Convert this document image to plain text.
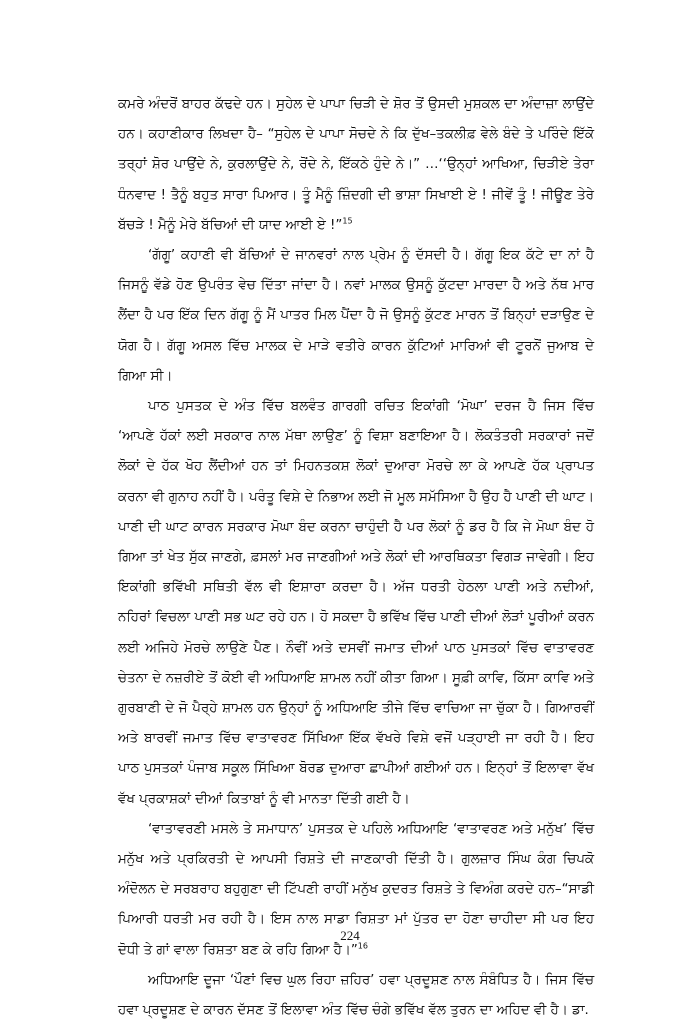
ਕਮਰੇ ਅੰਦਰੋਂ ਬਾਹਰ ਕੱਢਦੇ ਹਨ। ਸੁਹੇਲ ਦੇ ਪਾਪਾ ਚਿੜੀ ਦੇ ਸ਼ੋਰ ਤੋਂ ਉਸਦੀ ਮੁਸ਼ਕਲ ਦਾ ਅੰਦਾਜ਼ਾ ਲਾਉਂਦੇ ਹਨ। ਕਹਾਣੀਕਾਰ ਲਿਖਦਾ ਹੈ– “ਸੁਹੇਲ ਦੇ ਪਾਪਾ ਸੋਚਦੇ ਨੇ ਕਿ ਦੁੱਖ–ਤਕਲੀਫ਼ ਵੇਲੇ ਬੰਦੇ ਤੇ ਪਰਿੰਦੇ ਇੱਕੋ ਤਰ੍ਹਾਂ ਸ਼ੋਰ ਪਾਉਂਦੇ ਨੇ, ਕੁਰਲਾਉਂਦੇ ਨੇ, ਰੋਂਦੇ ਨੇ, ਇੱਕਠੇ ਹੁੰਦੇ ਨੇ।” …‘‘ਉਨ੍ਹਾਂ ਆਖਿਆ, ਚਿੜੀਏ ਤੇਰਾ ਧੰਨਵਾਦ ! ਤੈਨੂੰ ਬਹੁਤ ਸਾਰਾ ਪਿਆਰ। ਤੂੰ ਮੈਨੂੰ ਜ਼ਿੰਦਗੀ ਦੀ ਭਾਸ਼ਾ ਸਿਖਾਈ ਏ ! ਜੀਵੇਂ ਤੂੰ ! ਜੀਊਣ ਤੇਰੇ ਬੱਚੜੇ ! ਮੈਨੂੰ ਮੇਰੇ ਬੱਚਿਆਂ ਦੀ ਯਾਦ ਆਈ ਏ !”$^{15}$

‘ਗੱਗੂ’ ਕਹਾਣੀ ਵੀ ਬੱਚਿਆਂ ਦੇ ਜਾਨਵਰਾਂ ਨਾਲ ਪ੍ਰੇਮ ਨੂੰ ਦੱਸਦੀ ਹੈ। ਗੱਗੂ ਇਕ ਕੱਟੇ ਦਾ ਨਾਂ ਹੈ ਜਿਸਨੂੰ ਵੱਡੇ ਹੋਣ ਉਪਰੰਤ ਵੇਚ ਦਿੱਤਾ ਜਾਂਦਾ ਹੈ। ਨਵਾਂ ਮਾਲਕ ਉਸਨੂੰ ਕੁੱਟਦਾ ਮਾਰਦਾ ਹੈ ਅਤੇ ਨੱਥ ਮਾਰ ਲੈਂਦਾ ਹੈ ਪਰ ਇੱਕ ਦਿਨ ਗੱਗੂ ਨੂੰ ਮੈਂ ਪਾਤਰ ਮਿਲ ਪੈਂਦਾ ਹੈ ਜੋ ਉਸਨੂੰ ਕੁੱਟਣ ਮਾਰਨ ਤੋਂ ਬਿਨ੍ਹਾਂ ਦੜਾਉਣ ਦੇ ਯੋਗ ਹੈ। ਗੱਗੂ ਅਸਲ ਵਿੱਚ ਮਾਲਕ ਦੇ ਮਾੜੇ ਵਤੀਰੇ ਕਾਰਨ ਕੁੱਟਿਆਂ ਮਾਰਿਆਂ ਵੀ ਟੂਰਨੋਂ ਜੁਆਬ ਦੇ ਗਿਆ ਸੀ।

ਪਾਠ ਪੁਸਤਕ ਦੇ ਅੰਤ ਵਿੱਚ ਬਲਵੰਤ ਗਾਰਗੀ ਰਚਿਤ ਇਕਾਂਗੀ ‘ਮੋਘਾ’ ਦਰਜ ਹੈ ਜਿਸ ਵਿੱਚ ‘ਆਪਣੇ ਹੱਕਾਂ ਲਈ ਸਰਕਾਰ ਨਾਲ ਮੱਥਾ ਲਾਉਣ’ ਨੂੰ ਵਿਸ਼ਾ ਬਣਾਇਆ ਹੈ। ਲੋਕਤੰਤਰੀ ਸਰਕਾਰਾਂ ਜਦੋਂ ਲੋਕਾਂ ਦੇ ਹੱਕ ਖੋਹ ਲੈਂਦੀਆਂ ਹਨ ਤਾਂ ਮਿਹਨਤਕਸ਼ ਲੋਕਾਂ ਦੁਆਰਾ ਮੋਰਚੇ ਲਾ ਕੇ ਆਪਣੇ ਹੱਕ ਪ੍ਰਾਪਤ ਕਰਨਾ ਵੀ ਗੁਨਾਹ ਨਹੀਂ ਹੈ। ਪਰੰਤੂ ਵਿਸ਼ੇ ਦੇ ਨਿਭਾਅ ਲਈ ਜੋ ਮੂਲ ਸਮੱਸਿਆ ਹੈ ਉਹ ਹੈ ਪਾਣੀ ਦੀ ਘਾਟ। ਪਾਣੀ ਦੀ ਘਾਟ ਕਾਰਨ ਸਰਕਾਰ ਮੋਘਾ ਬੰਦ ਕਰਨਾ ਚਾਹੁੰਦੀ ਹੈ ਪਰ ਲੋਕਾਂ ਨੂੰ ਡਰ ਹੈ ਕਿ ਜੇ ਮੋਘਾ ਬੰਦ ਹੋ ਗਿਆ ਤਾਂ ਖੇਤ ਸੁੱਕ ਜਾਣਗੇ, ਫ਼ਸਲਾਂ ਮਰ ਜਾਣਗੀਆਂ ਅਤੇ ਲੋਕਾਂ ਦੀ ਆਰਥਿਕਤਾ ਵਿਗੜ ਜਾਵੇਗੀ। ਇਹ ਇਕਾਂਗੀ ਭਵਿੱਖੀ ਸਥਿਤੀ ਵੱਲ ਵੀ ਇਸ਼ਾਰਾ ਕਰਦਾ ਹੈ। ਅੱਜ ਧਰਤੀ ਹੇਠਲਾ ਪਾਣੀ ਅਤੇ ਨਦੀਆਂ, ਨਹਿਰਾਂ ਵਿਚਲਾ ਪਾਣੀ ਸਭ ਘਟ ਰਹੇ ਹਨ। ਹੋ ਸਕਦਾ ਹੈ ਭਵਿੱਖ ਵਿੱਚ ਪਾਣੀ ਦੀਆਂ ਲੋੜਾਂ ਪੂਰੀਆਂ ਕਰਨ ਲਈ ਅਜਿਹੇ ਮੋਰਚੇ ਲਾਉਣੇ ਪੈਣ। ਨੌਵੀਂ ਅਤੇ ਦਸਵੀਂ ਜਮਾਤ ਦੀਆਂ ਪਾਠ ਪੁਸਤਕਾਂ ਵਿੱਚ ਵਾਤਾਵਰਣ ਚੇਤਨਾ ਦੇ ਨਜ਼ਰੀਏ ਤੋਂ ਕੋਈ ਵੀ ਅਧਿਆਇ ਸ਼ਾਮਲ ਨਹੀਂ ਕੀਤਾ ਗਿਆ। ਸੂਫ਼ੀ ਕਾਵਿ, ਕਿੱਸਾ ਕਾਵਿ ਅਤੇ ਗੁਰਬਾਣੀ ਦੇ ਜੋ ਪੈਰ੍ਹੇ ਸ਼ਾਮਲ ਹਨ ਉਨ੍ਹਾਂ ਨੂੰ ਅਧਿਆਇ ਤੀਜੇ ਵਿੱਚ ਵਾਚਿਆ ਜਾ ਚੁੱਕਾ ਹੈ। ਗਿਆਰਵੀਂ ਅਤੇ ਬਾਰਵੀਂ ਜਮਾਤ ਵਿੱਚ ਵਾਤਾਵਰਣ ਸਿੱਖਿਆ ਇੱਕ ਵੱਖਰੇ ਵਿਸ਼ੇ ਵਜੋਂ ਪੜ੍ਹਾਈ ਜਾ ਰਹੀ ਹੈ। ਇਹ ਪਾਠ ਪੁਸਤਕਾਂ ਪੰਜਾਬ ਸਕੂਲ ਸਿੱਖਿਆ ਬੋਰਡ ਦੁਆਰਾ ਛਾਪੀਆਂ ਗਈਆਂ ਹਨ। ਇਨ੍ਹਾਂ ਤੋਂ ਇਲਾਵਾ ਵੱਖ ਵੱਖ ਪ੍ਰਕਾਸ਼ਕਾਂ ਦੀਆਂ ਕਿਤਾਬਾਂ ਨੂੰ ਵੀ ਮਾਨਤਾ ਦਿੱਤੀ ਗਈ ਹੈ।

‘ਵਾਤਾਵਰਣੀ ਮਸਲੇ ਤੇ ਸਮਾਧਾਨ’ ਪੁਸਤਕ ਦੇ ਪਹਿਲੇ ਅਧਿਆਇ ‘ਵਾਤਾਵਰਣ ਅਤੇ ਮਨੁੱਖ’ ਵਿੱਚ ਮਨੁੱਖ ਅਤੇ ਪ੍ਰਕਿਰਤੀ ਦੇ ਆਪਸੀ ਰਿਸ਼ਤੇ ਦੀ ਜਾਣਕਾਰੀ ਦਿੱਤੀ ਹੈ। ਗੁਲਜ਼ਾਰ ਸਿੰਘ ਕੰਗ ਚਿਪਕੋ ਅੰਦੋਲਨ ਦੇ ਸਰਬਰਾਹ ਬਹੁਗੁਣਾ ਦੀ ਟਿੱਪਣੀ ਰਾਹੀਂ ਮਨੁੱਖ ਕੁਦਰਤ ਰਿਸ਼ਤੇ ਤੇ ਵਿਅੰਗ ਕਰਦੇ ਹਨ–“ਸਾਡੀ ਪਿਆਰੀ ਧਰਤੀ ਮਰ ਰਹੀ ਹੈ। ਇਸ ਨਾਲ ਸਾਡਾ ਰਿਸ਼ਤਾ ਮਾਂ ਪੁੱਤਰ ਦਾ ਹੋਣਾ ਚਾਹੀਦਾ ਸੀ ਪਰ ਇਹ ਦੋਧੀ ਤੇ ਗਾਂ ਵਾਲਾ ਰਿਸ਼ਤਾ ਬਣ ਕੇ ਰਹਿ ਗਿਆ ਹੈ।”$^{16}$

ਅਧਿਆਇ ਦੂਜਾ ‘ਪੌਣਾਂ ਵਿਚ ਘੁਲ ਰਿਹਾ ਜ਼ਹਿਰ’ ਹਵਾ ਪ੍ਰਦੂਸ਼ਣ ਨਾਲ ਸੰਬੰਧਿਤ ਹੈ। ਜਿਸ ਵਿੱਚ ਹਵਾ ਪ੍ਰਦੂਸ਼ਣ ਦੇ ਕਾਰਨ ਦੱਸਣ ਤੋਂ ਇਲਾਵਾ ਅੰਤ ਵਿੱਚ ਚੰਗੇ ਭਵਿੱਖ ਵੱਲ ਤੁਰਨ ਦਾ ਅਹਿਦ ਵੀ ਹੈ। ਡਾ.

224
